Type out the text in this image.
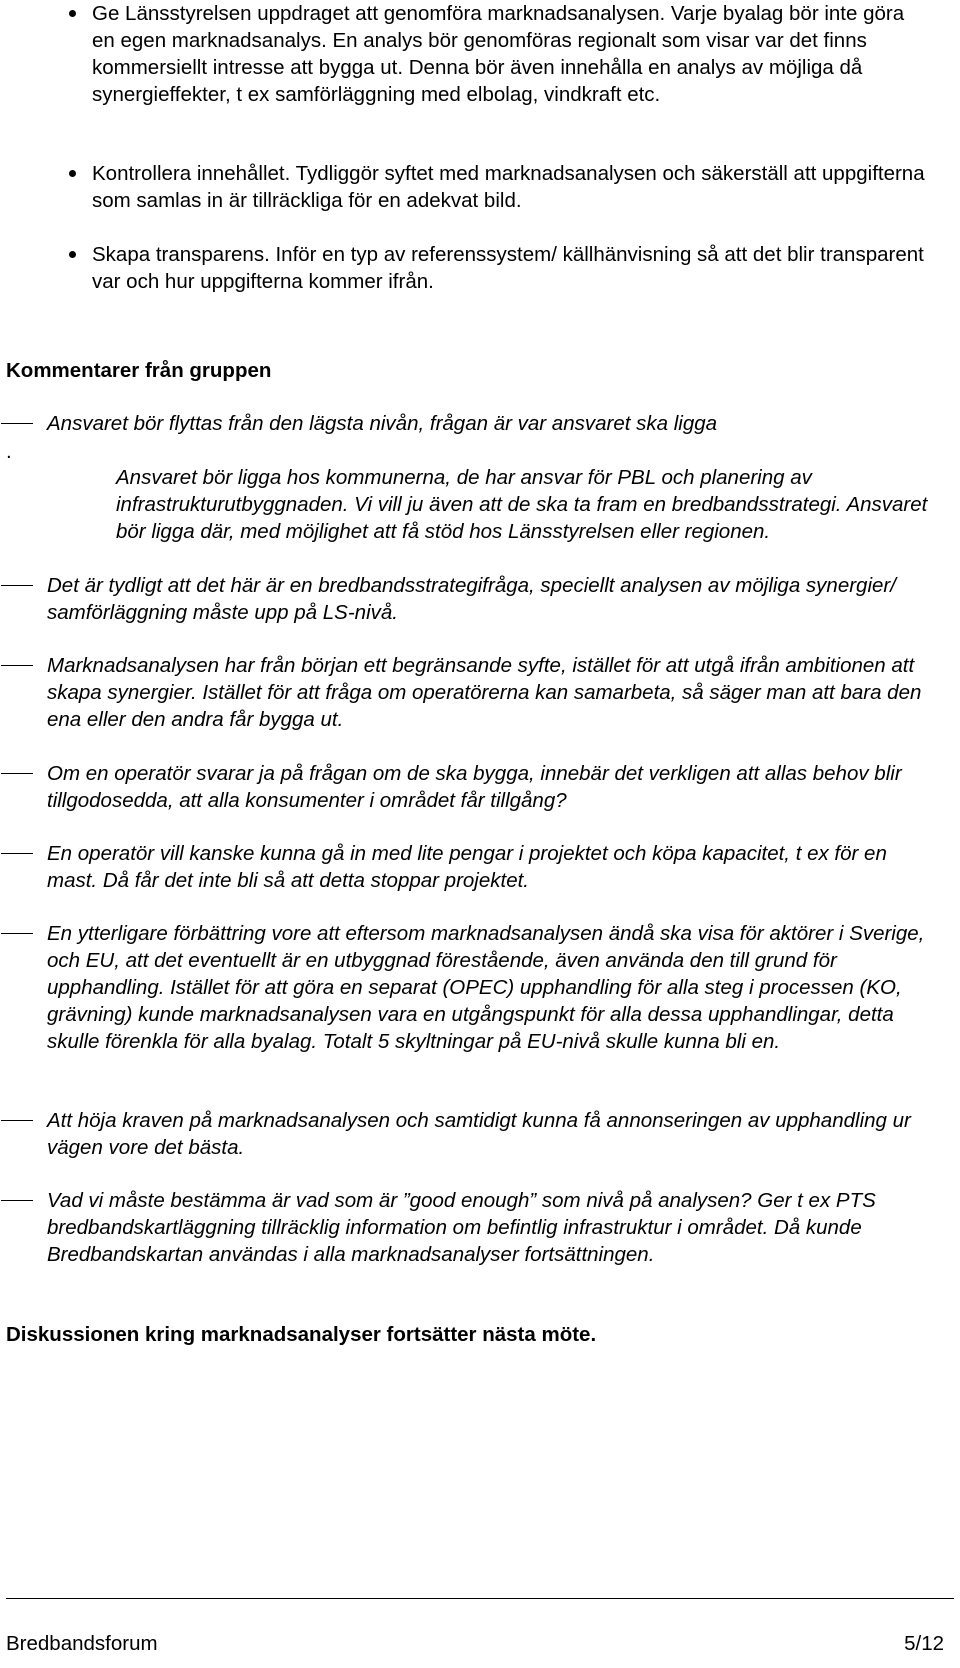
Ge Länsstyrelsen uppdraget att genomföra marknadsanalysen. Varje byalag bör inte göra en egen marknadsanalys. En analys bör genomföras regionalt som visar var det finns kommersiellt intresse att bygga ut. Denna bör även innehålla en analys av möjliga då synergieffekter, t ex samförläggning med elbolag, vindkraft etc.
Kontrollera innehållet. Tydliggör syftet med marknadsanalysen och säkerställ att uppgifterna som samlas in är tillräckliga för en adekvat bild.
Skapa transparens. Inför en typ av referenssystem/ källhänvisning så att det blir transparent var och hur uppgifterna kommer ifrån.
Kommentarer från gruppen
Ansvaret bör flyttas från den lägsta nivån, frågan är var ansvaret ska ligga
.
Ansvaret bör ligga hos kommunerna, de har ansvar för PBL och planering av infrastrukturutbyggnaden. Vi vill ju även att de ska ta fram en bredbandsstrategi. Ansvaret bör ligga där, med möjlighet att få stöd hos Länsstyrelsen eller regionen.
Det är tydligt att det här är en bredbandsstrategifråga, speciellt analysen av möjliga synergier/ samförläggning måste upp på LS-nivå.
Marknadsanalysen har från början ett begränsande syfte, istället för att utgå ifrån ambitionen att skapa synergier. Istället för att fråga om operatörerna kan samarbeta, så säger man att bara den ena eller den andra får bygga ut.
Om en operatör svarar ja på frågan om de ska bygga, innebär det verkligen att allas behov blir tillgodosedda, att alla konsumenter i området får tillgång?
En operatör vill kanske kunna gå in med lite pengar i projektet och köpa kapacitet, t ex för en mast. Då får det inte bli så att detta stoppar projektet.
En ytterligare förbättring vore att eftersom marknadsanalysen ändå ska visa för aktörer i Sverige, och EU, att det eventuellt är en utbyggnad förestående, även använda den till grund för upphandling. Istället för att göra en separat (OPEC) upphandling för alla steg i processen (KO, grävning) kunde marknadsanalysen vara en utgångspunkt för alla dessa upphandlingar, detta skulle förenkla för alla byalag. Totalt 5 skyltningar på EU-nivå skulle kunna bli en.
Att höja kraven på marknadsanalysen och samtidigt kunna få annonseringen av upphandling ur vägen vore det bästa.
Vad vi måste bestämma är vad som är ”good enough” som nivå på analysen? Ger t ex PTS bredbandskartläggning tillräcklig information om befintlig infrastruktur i området. Då kunde Bredbandskartan användas i alla marknadsanalyser fortsättningen.
Diskussionen kring marknadsanalyser fortsätter nästa möte.
Bredbandsforum	5/12
